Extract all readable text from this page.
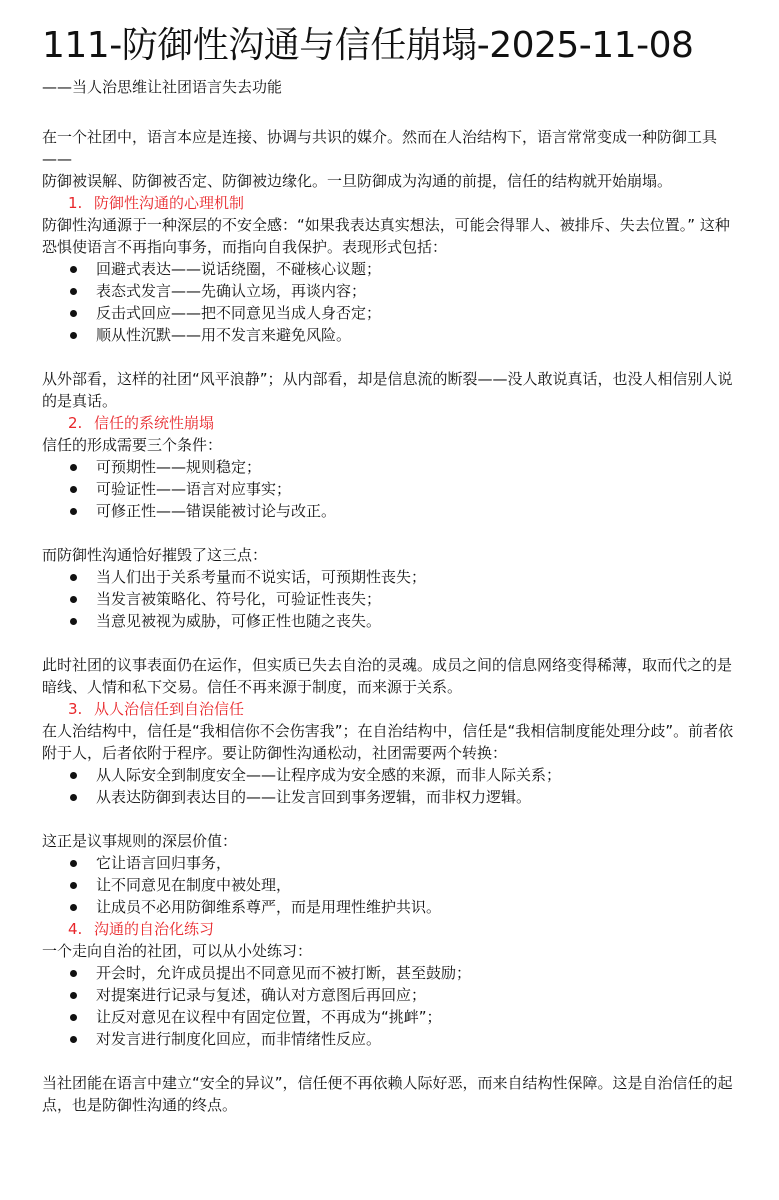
111-防御性沟通与信任崩塌-2025-11-08

——当人治思维让社团语言失去功能

在一个社团中，语言本应是连接、协调与共识的媒介。然而在人治结构下，语言常常变成一种防御工具——

防御被误解、防御被否定、防御被边缘化。一旦防御成为沟通的前提，信任的结构就开始崩塌。

1. 防御性沟通的心理机制

防御性沟通源于一种深层的不安全感：“如果我表达真实想法，可能会得罪人、被排斥、失去位置。” 这种恐惧使语言不再指向事务，而指向自我保护。表现形式包括：

回避式表达——说话绕圈，不碰核心议题；
表态式发言——先确认立场，再谈内容；
反击式回应——把不同意见当成人身否定；
顺从性沉默——用不发言来避免风险。

从外部看，这样的社团“风平浪静”；从内部看，却是信息流的断裂——没人敢说真话，也没人相信别人说的是真话。

2. 信任的系统性崩塌

信任的形成需要三个条件：

可预期性——规则稳定；
可验证性——语言对应事实；
可修正性——错误能被讨论与改正。

而防御性沟通恰好摧毁了这三点：

当人们出于关系考量而不说实话，可预期性丧失；
当发言被策略化、符号化，可验证性丧失；
当意见被视为威胁，可修正性也随之丧失。

此时社团的议事表面仍在运作，但实质已失去自治的灵魂。成员之间的信息网络变得稀薄，取而代之的是暗线、人情和私下交易。信任不再来源于制度，而来源于关系。

3. 从人治信任到自治信任

在人治结构中，信任是“我相信你不会伤害我”；在自治结构中，信任是“我相信制度能处理分歧”。前者依附于人，后者依附于程序。要让防御性沟通松动，社团需要两个转换：

从人际安全到制度安全——让程序成为安全感的来源，而非人际关系；
从表达防御到表达目的——让发言回到事务逻辑，而非权力逻辑。

这正是议事规则的深层价值：

它让语言回归事务，
让不同意见在制度中被处理，
让成员不必用防御维系尊严，而是用理性维护共识。
4. 沟通的自治化练习

一个走向自治的社团，可以从小处练习：

开会时，允许成员提出不同意见而不被打断，甚至鼓励；
对提案进行记录与复述，确认对方意图后再回应；
让反对意见在议程中有固定位置，不再成为“挑衅”；
对发言进行制度化回应，而非情绪性反应。

当社团能在语言中建立“安全的异议”，信任便不再依赖人际好恶，而来自结构性保障。这是自治信任的起点，也是防御性沟通的终点。
